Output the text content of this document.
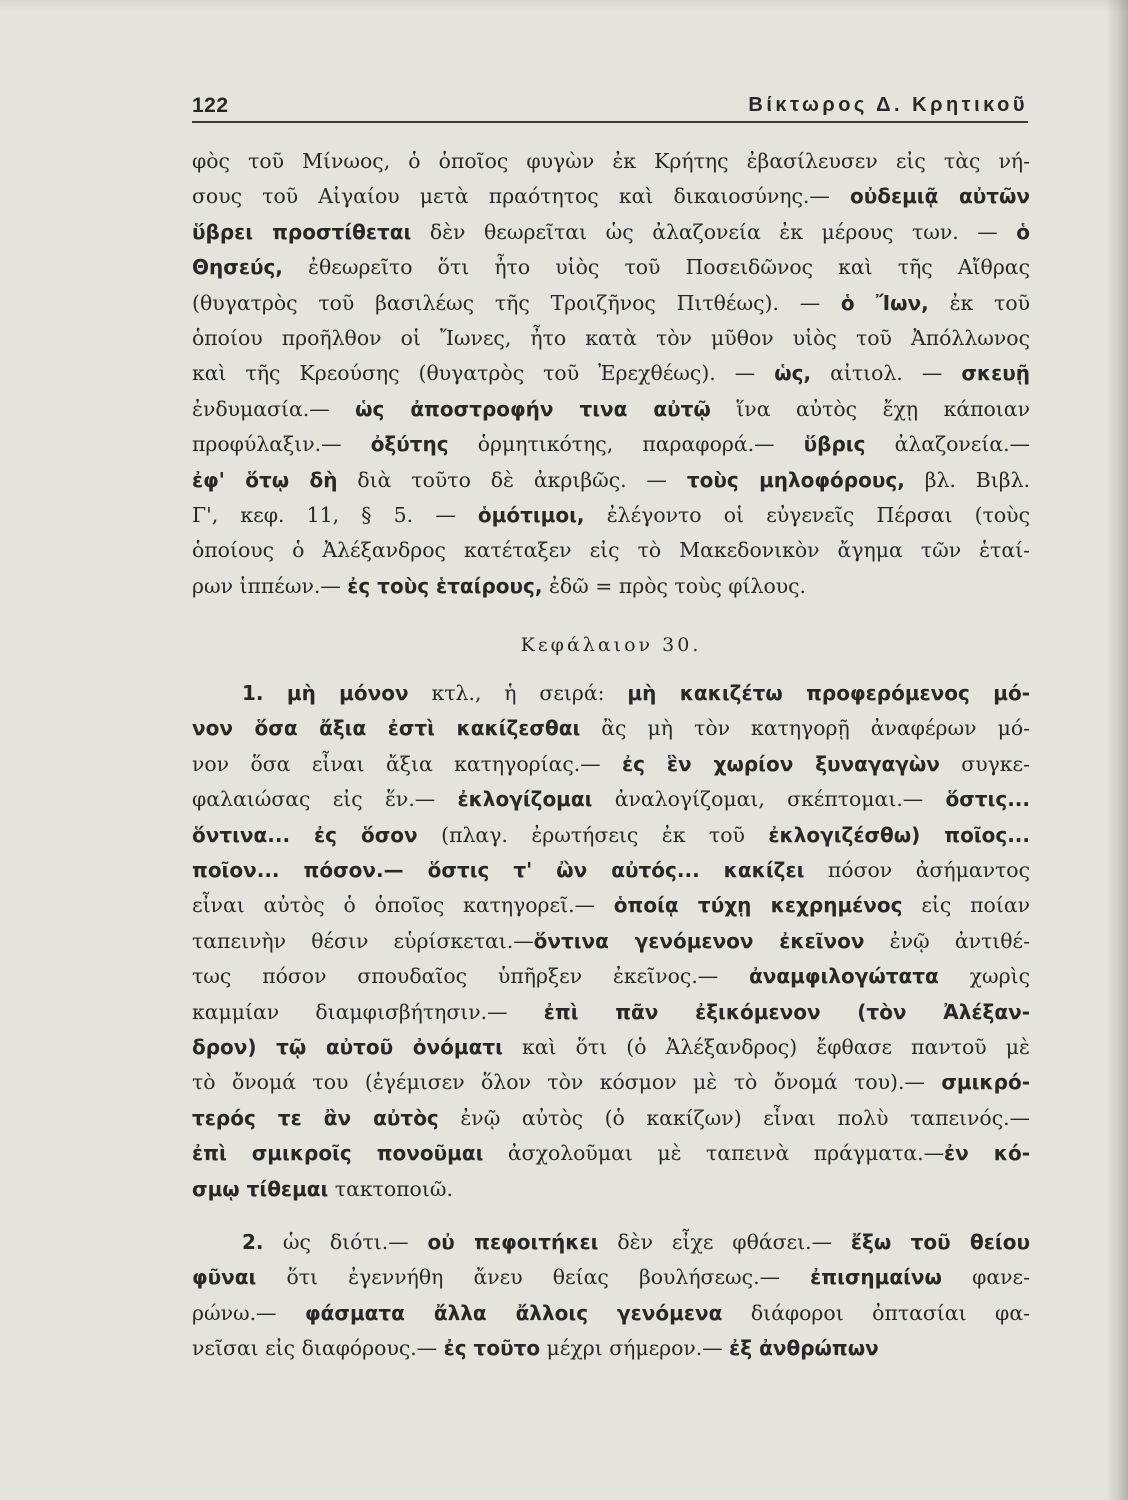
122	Βίκτωρος Δ. Κρητικοῦ
φὸς τοῦ Μίνωος, ὁ ὁποῖος φυγὼν ἐκ Κρήτης ἐβασίλευσεν εἰς τὰς νή-
σους τοῦ Αἰγαίου μετὰ πραότητος καὶ δικαιοσύνης.— οὐδεμιᾷ αὐτῶν
ὕβρει προστίθεται δὲν θεωρεῖται ὡς ἀλαζονεία ἐκ μέρους των. — ὁ
Θησεύς, ἐθεωρεῖτο ὅτι ἦτο υἱὸς τοῦ Ποσειδῶνος καὶ τῆς Αἴθρας
(θυγατρὸς τοῦ βασιλέως τῆς Τροιζῆνος Πιτθέως). — ὁ Ἴων, ἐκ τοῦ
ὁποίου προῆλθον οἱ Ἴωνες, ἦτο κατὰ τὸν μῦθον υἱὸς τοῦ Ἀπόλλωνος
καὶ τῆς Κρεούσης (θυγατρὸς τοῦ Ἐρεχθέως). — ὡς, αἰτιολ. — σκευῇ
ἐνδυμασία.— ὡς ἀποστροφήν τινα αὐτῷ ἵνα αὐτὸς ἔχῃ κάποιαν
προφύλαξιν.— ὀξύτης ὁρμητικότης, παραφορά.— ὕβρις ἀλαζονεία.—
ἐφ' ὅτῳ δὴ διὰ τοῦτο δὲ ἀκριβῶς. — τοὺς μηλοφόρους, βλ. Βιβλ.
Γ', κεφ. 11, § 5. — ὁμότιμοι, ἐλέγοντο οἱ εὐγενεῖς Πέρσαι (τοὺς
ὁποίους ὁ Ἀλέξανδρος κατέταξεν εἰς τὸ Μακεδονικὸν ἄγημα τῶν ἑταί-
ρων ἱππέων.— ἐς τοὺς ἑταίρους, ἐδῶ = πρὸς τοὺς φίλους.
Κεφάλαιον 30.
1. μὴ μόνον κτλ., ἡ σειρά: μὴ κακιζέτω προφερόμενος μό-
νον ὅσα ἄξια ἐστὶ κακίζεσθαι ἂς μὴ τὸν κατηγορῇ ἀναφέρων μό-
νον ὅσα εἶναι ἄξια κατηγορίας.— ἐς ἓν χωρίον ξυναγαγὼν συγκε-
φαλαιώσας εἰς ἕν.— ἐκλογίζομαι ἀναλογίζομαι, σκέπτομαι.— ὅστις...
ὅντινα... ἐς ὅσον (πλαγ. ἐρωτήσεις ἐκ τοῦ ἐκλογιζέσθω) ποῖος...
ποῖον... πόσον.— ὅστις τ' ὢν αὐτός... κακίζει πόσον ἀσήμαντος
εἶναι αὐτὸς ὁ ὁποῖος κατηγορεῖ.— ὁποίᾳ τύχῃ κεχρημένος εἰς ποίαν
ταπεινὴν θέσιν εὑρίσκεται.—ὅντινα γενόμενον ἐκεῖνον ἐνῷ ἀντιθέ-
τως πόσον σπουδαῖος ὑπῆρξεν ἐκεῖνος.— ἀναμφιλογώτατα χωρὶς
καμμίαν διαμφισβήτησιν.— ἐπὶ πᾶν ἐξικόμενον (τὸν Ἀλέξαν-
δρον) τῷ αὐτοῦ ὀνόματι καὶ ὅτι (ὁ Ἀλέξανδρος) ἔφθασε παντοῦ μὲ
τὸ ὄνομά του (ἐγέμισεν ὅλον τὸν κόσμον μὲ τὸ ὄνομά του).— σμικρό-
τερός τε ἂν αὐτὸς ἐνῷ αὐτὸς (ὁ κακίζων) εἶναι πολὺ ταπεινός.—
ἐπὶ σμικροῖς πονοῦμαι ἀσχολοῦμαι μὲ ταπεινὰ πράγματα.—ἐν κό-
σμῳ τίθεμαι τακτοποιῶ.
2. ὡς διότι.— οὐ πεφοιτήκει δὲν εἶχε φθάσει.— ἔξω τοῦ θείου
φῦναι ὅτι ἐγεννήθη ἄνευ θείας βουλήσεως.— ἐπισημαίνω φανε-
ρώνω.— φάσματα ἄλλα ἄλλοις γενόμενα διάφοροι ὀπτασίαι φα-
νεῖσαι εἰς διαφόρους.— ἐς τοῦτο μέχρι σήμερον.— ἐξ ἀνθρώπων
